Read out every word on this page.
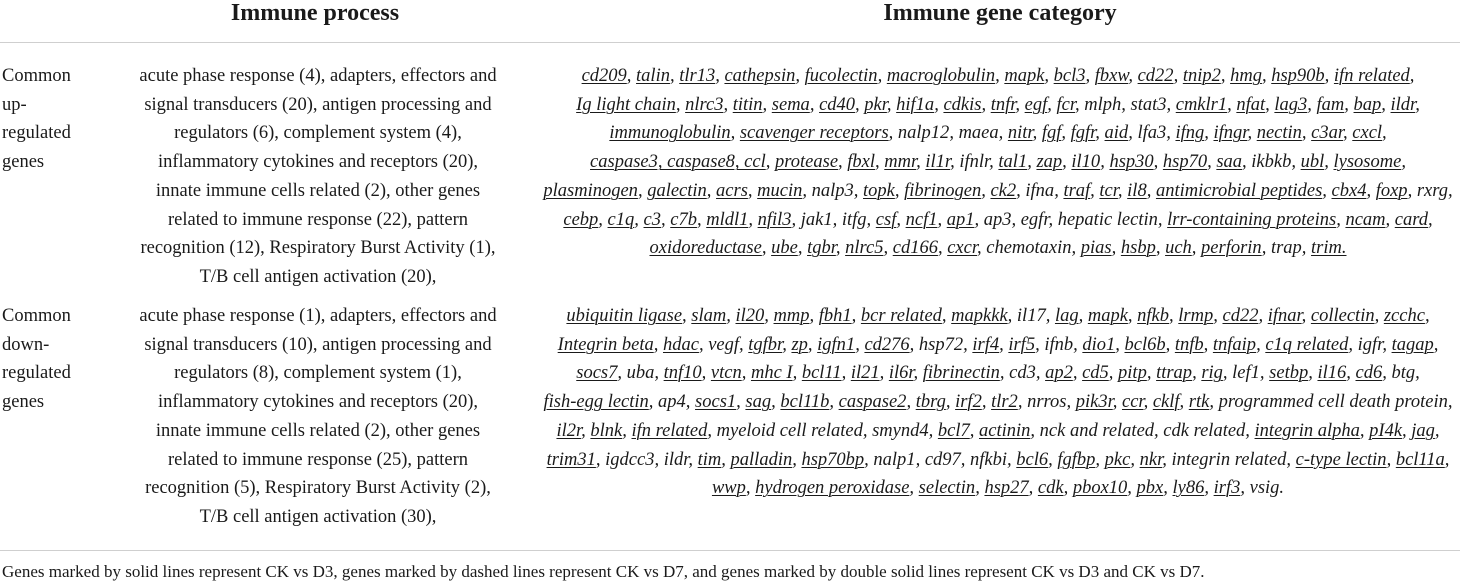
Immune process	Immune gene category
Common
up-
regulated
genes
acute phase response (4), adapters, effectors and
signal transducers (20), antigen processing and
regulators (6), complement system (4),
inflammatory cytokines and receptors (20),
innate immune cells related (2), other genes
related to immune response (22), pattern
recognition (12), Respiratory Burst Activity (1),
T/B cell antigen activation (20),
cd209, talin, tlr13, cathepsin, fucolectin, macroglobulin, mapk, bcl3, fbxw, cd22, tnip2, hmg, hsp90b, ifn related, Ig light chain, nlrc3, titin, sema, cd40, pkr, hif1a, cdkis, tnfr, egf, fcr, mlph, stat3, cmklr1, nfat, lag3, fam, bap, ildr, immunoglobulin, scavenger receptors, nalp12, maea, nitr, fgf, fgfr, aid, lfa3, ifng, ifngr, nectin, c3ar, cxcl, caspase3, caspase8, ccl, protease, fbxl, mmr, il1r, ifnlr, tal1, zap, il10, hsp30, hsp70, saa, ikbkb, ubl, lysosome, plasminogen, galectin, acrs, mucin, nalp3, topk, fibrinogen, ck2, ifna, traf, tcr, il8, antimicrobial peptides, cbx4, foxp, rxrg, cebp, c1q, c3, c7b, mldl1, nfil3, jak1, itfg, csf, ncf1, ap1, ap3, egfr, hepatic lectin, lrr-containing proteins, ncam, card, oxidoreductase, ube, tgbr, nlrc5, cd166, cxcr, chemotaxin, pias, hsbp, uch, perforin, trap, trim.
Common
down-
regulated
genes
acute phase response (1), adapters, effectors and
signal transducers (10), antigen processing and
regulators (8), complement system (1),
inflammatory cytokines and receptors (20),
innate immune cells related (2), other genes
related to immune response (25), pattern
recognition (5), Respiratory Burst Activity (2),
T/B cell antigen activation (30),
ubiquitin ligase, slam, il20, mmp, fbh1, bcr related, mapkkk, il17, lag, mapk, nfkb, lrmp, cd22, ifnar, collectin, zcchc, Integrin beta, hdac, vegf, tgfbr, zp, igfn1, cd276, hsp72, irf4, irf5, ifnb, dio1, bcl6b, tnfb, tnfaip, c1q related, igfr, tagap, socs7, uba, tnf10, vtcn, mhc I, bcl11, il21, il6r, fibrinectin, cd3, ap2, cd5, pitp, ttrap, rig, lef1, setbp, il16, cd6, btg, fish-egg lectin, ap4, socs1, sag, bcl11b, caspase2, tbrg, irf2, tlr2, nrros, pik3r, ccr, cklf, rtk, programmed cell death protein, il2r, blnk, ifn related, myeloid cell related, smynd4, bcl7, actinin, nck and related, cdk related, integrin alpha, pI4k, jag, trim31, igdcc3, ildr, tim, palladin, hsp70bp, nalp1, cd97, nfkbi, bcl6, fgfbp, pkc, nkr, integrin related, c-type lectin, bcl11a, wwp, hydrogen peroxidase, selectin, hsp27, cdk, pbox10, pbx, ly86, irf3, vsig.
Genes marked by solid lines represent CK vs D3, genes marked by dashed lines represent CK vs D7, and genes marked by double solid lines represent CK vs D3 and CK vs D7.
